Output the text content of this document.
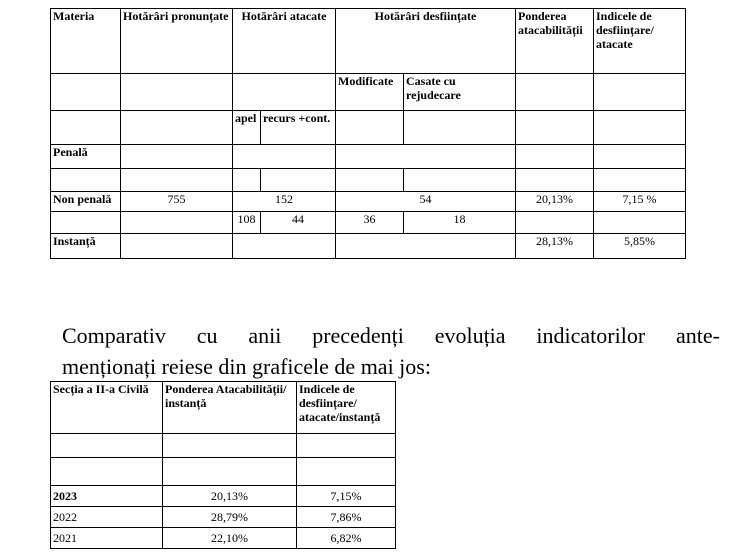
Materia	Hotărâri pronunțate	Hotărâri atacate		Hotărâri desființate		Ponderea atacabilității	Indicele de desființare/ atacate
				Modificate	Casate cu rejudecare		
		apel	recurs +cont.				
Penală							

Non penală	755	152		54		20,13%	7,15 %
		108	44	36	18		
Instanță						28,13%	5,85%
Comparativ cu anii precedenți evoluția indicatorilor ante-
menționați reiese din graficele de mai jos:
Secția a II-a Civilă	Ponderea Atacabilității/ instanță	Indicele de desființare/ atacate/instanță

2023	20,13%	7,15%
2022	28,79%	7,86%
2021	22,10%	6,82%
